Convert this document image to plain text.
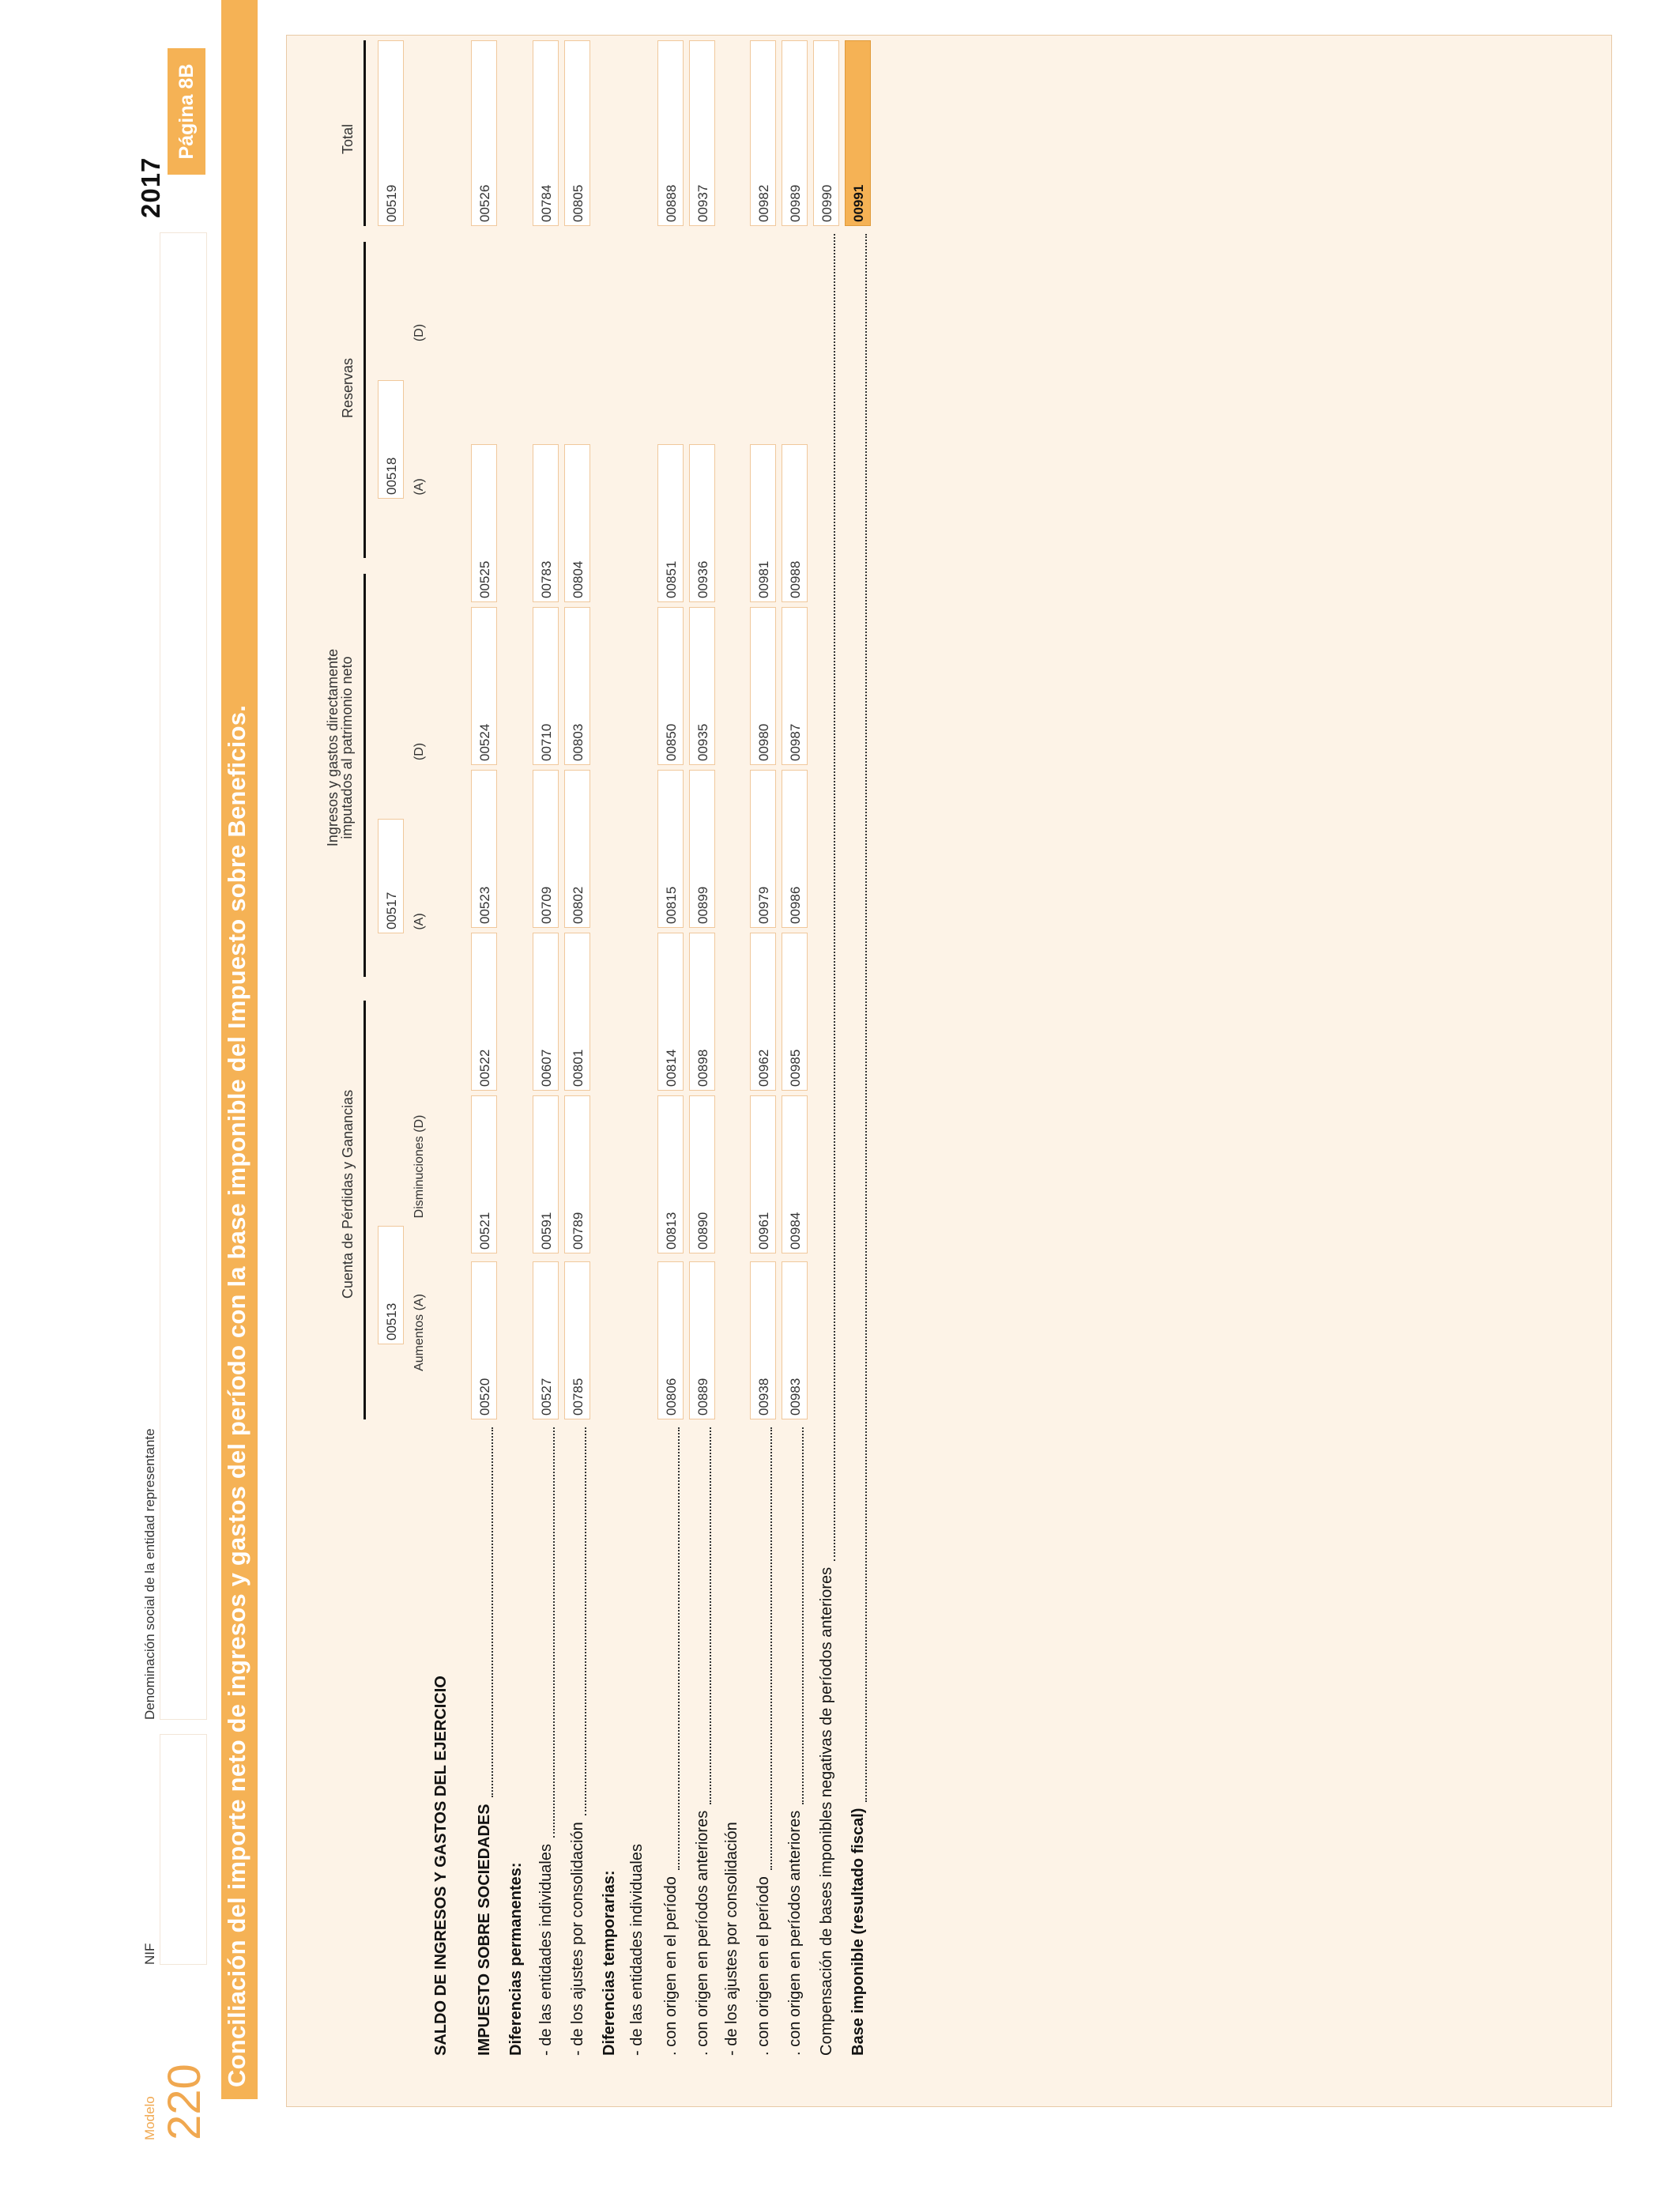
Modelo 220
NIF
Denominación social de la entidad representante
2017
Página 8B
Conciliación del importe neto de ingresos y gastos del período con la base imponible del Impuesto sobre Beneficios.	Cuenta de Pérdidas y Ganancias
Ingresos y gastos directamente
imputados al patrimonio neto
Reservas
Total
00513
00517
00518
00519
Aumentos (A)
Disminuciones (D)
(A)
(D)
(A)
(D)
SALDO DE INGRESOS Y GASTOS DEL EJERCICIO IMPUESTO SOBRE SOCIEDADES
00520
00521
00522
00523
00524
00525
00526
Diferencias permanentes: - de las entidades individuales
00527
00591
00607
00709
00710
00783
00784
- de los ajustes por consolidación
00785
00789
00801
00802
00803
00804
00805
Diferencias temporarias: - de las entidades individuales . con origen en el período
00806
00813
00814
00815
00850
00851
00888
. con origen en períodos anteriores
00889
00890
00898
00899
00935
00936
00937
- de los ajustes por consolidación . con origen en el período
00938
00961
00962
00979
00980
00981
00982
. con origen en períodos anteriores
00983
00984
00985
00986
00987
00988
00989
Compensación de bases imponibles negativas de períodos anteriores
00990
Base imponible (resultado fiscal)
00991
